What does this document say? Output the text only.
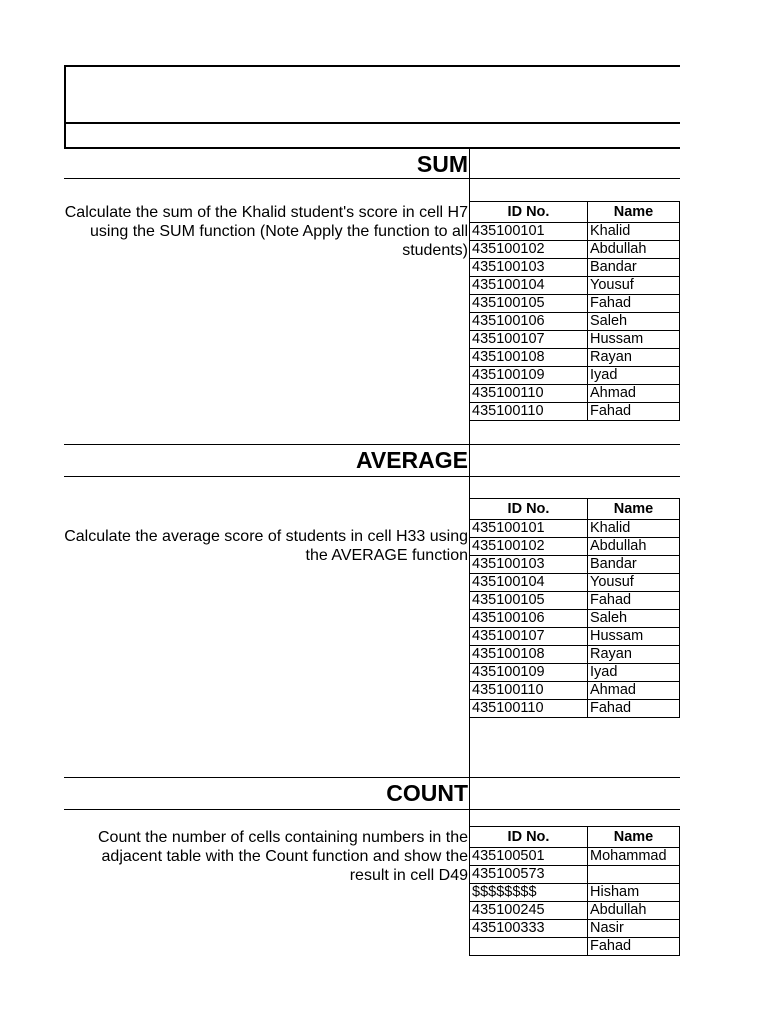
SUM

Calculate the sum of the Khalid student's score in cell H7 using the SUM function (Note Apply the function to all students)

ID No.	Name
435100101	Khalid
435100102	Abdullah
435100103	Bandar
435100104	Yousuf
435100105	Fahad
435100106	Saleh
435100107	Hussam
435100108	Rayan
435100109	Iyad
435100110	Ahmad
435100110	Fahad
AVERAGE

Calculate the average score of students in cell H33 using the AVERAGE function

ID No.	Name
435100101	Khalid
435100102	Abdullah
435100103	Bandar
435100104	Yousuf
435100105	Fahad
435100106	Saleh
435100107	Hussam
435100108	Rayan
435100109	Iyad
435100110	Ahmad
435100110	Fahad
COUNT

Count the number of cells containing numbers in the adjacent table with the Count function and show the result in cell D49

ID No.	Name
435100501	Mohammad
435100573	
$$$$$$$$	Hisham
435100245	Abdullah
435100333	Nasir
	Fahad
